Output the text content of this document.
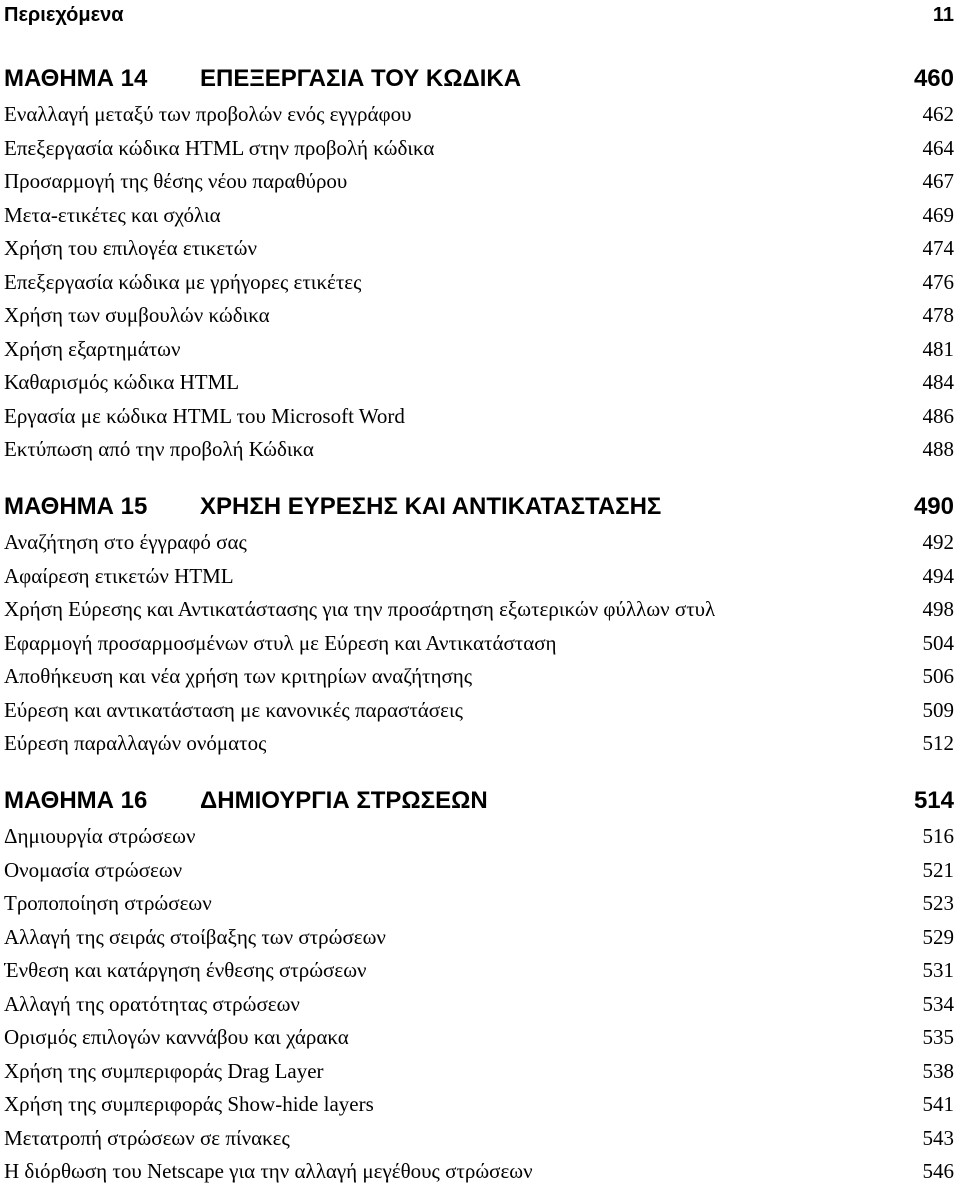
Περιεχόμενα	11
ΜΑΘΗΜΑ 14 ΕΠΕΞΕΡΓΑΣΙΑ ΤΟΥ ΚΩΔΙΚΑ	460
Εναλλαγή μεταξύ των προβολών ενός εγγράφου	462
Επεξεργασία κώδικα HTML στην προβολή κώδικα	464
Προσαρμογή της θέσης νέου παραθύρου	467
Μετα-ετικέτες και σχόλια	469
Χρήση του επιλογέα ετικετών	474
Επεξεργασία κώδικα με γρήγορες ετικέτες	476
Χρήση των συμβουλών κώδικα	478
Χρήση εξαρτημάτων	481
Καθαρισμός κώδικα HTML	484
Εργασία με κώδικα HTML του Microsoft Word	486
Εκτύπωση από την προβολή Κώδικα	488
ΜΑΘΗΜΑ 15 ΧΡΗΣΗ ΕΥΡΕΣΗΣ ΚΑΙ ΑΝΤΙΚΑΤΑΣΤΑΣΗΣ	490
Αναζήτηση στο έγγραφό σας	492
Αφαίρεση ετικετών HTML	494
Χρήση Εύρεσης και Αντικατάστασης για την προσάρτηση εξωτερικών φύλλων στυλ	498
Εφαρμογή προσαρμοσμένων στυλ με Εύρεση και Αντικατάσταση	504
Αποθήκευση και νέα χρήση των κριτηρίων αναζήτησης	506
Εύρεση και αντικατάσταση με κανονικές παραστάσεις	509
Εύρεση παραλλαγών ονόματος	512
ΜΑΘΗΜΑ 16 ΔΗΜΙΟΥΡΓΙΑ ΣΤΡΩΣΕΩΝ	514
Δημιουργία στρώσεων	516
Ονομασία στρώσεων	521
Τροποποίηση στρώσεων	523
Αλλαγή της σειράς στοίβαξης των στρώσεων	529
Ένθεση και κατάργηση ένθεσης στρώσεων	531
Αλλαγή της ορατότητας στρώσεων	534
Ορισμός επιλογών καννάβου και χάρακα	535
Χρήση της συμπεριφοράς Drag Layer	538
Χρήση της συμπεριφοράς Show-hide layers	541
Μετατροπή στρώσεων σε πίνακες	543
Η διόρθωση του Netscape για την αλλαγή μεγέθους στρώσεων	546
